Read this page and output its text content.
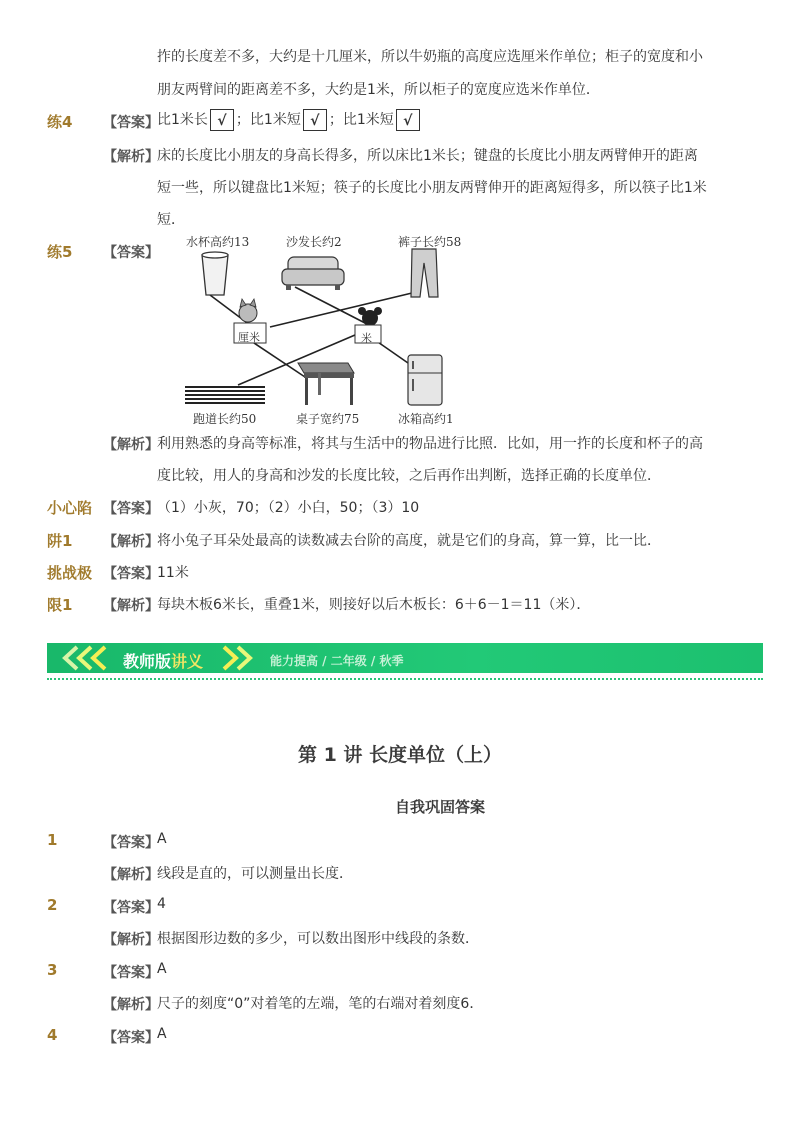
拃的长度差不多，大约是十几厘米，所以牛奶瓶的高度应选厘米作单位；柜子的宽度和小
朋友两臂间的距离差不多，大约是1米，所以柜子的宽度应选米作单位．
练4 【答案】
比1米长 √ ；比1米短 √ ；比1米短 √
【解析】
床的长度比小朋友的身高长得多，所以床比1米长；键盘的长度比小朋友两臂伸开的距离
短一些，所以键盘比1米短；筷子的长度比小朋友两臂伸开的距离短得多，所以筷子比1米
短．
练5 【答案】
水杯高约13	沙发长约2	裤子长约58
跑道长约50	桌子宽约75	冰箱高约1
厘米	米
【解析】
利用熟悉的身高等标准，将其与生活中的物品进行比照．比如，用一拃的长度和杯子的高
度比较，用人的身高和沙发的长度比较，之后再作出判断，选择正确的长度单位．
小心陷 【答案】
（1）小灰，70；（2）小白，50；（3）10
阱1 【解析】
将小兔子耳朵处最高的读数减去台阶的高度，就是它们的身高，算一算，比一比．
挑战极 【答案】
11米
限1 【解析】
每块木板6米长，重叠1米，则接好以后木板长：6＋6－1＝11（米）．
教师版讲义	能力提高 / 二年级 / 秋季
第 1 讲 长度单位（上）
自我巩固答案
1	【答案】
A
【解析】
线段是直的，可以测量出长度．
2	【答案】
4
【解析】
根据图形边数的多少，可以数出图形中线段的条数．
3	【答案】
A
【解析】
尺子的刻度“0”对着笔的左端，笔的右端对着刻度6．
4	【答案】
A
